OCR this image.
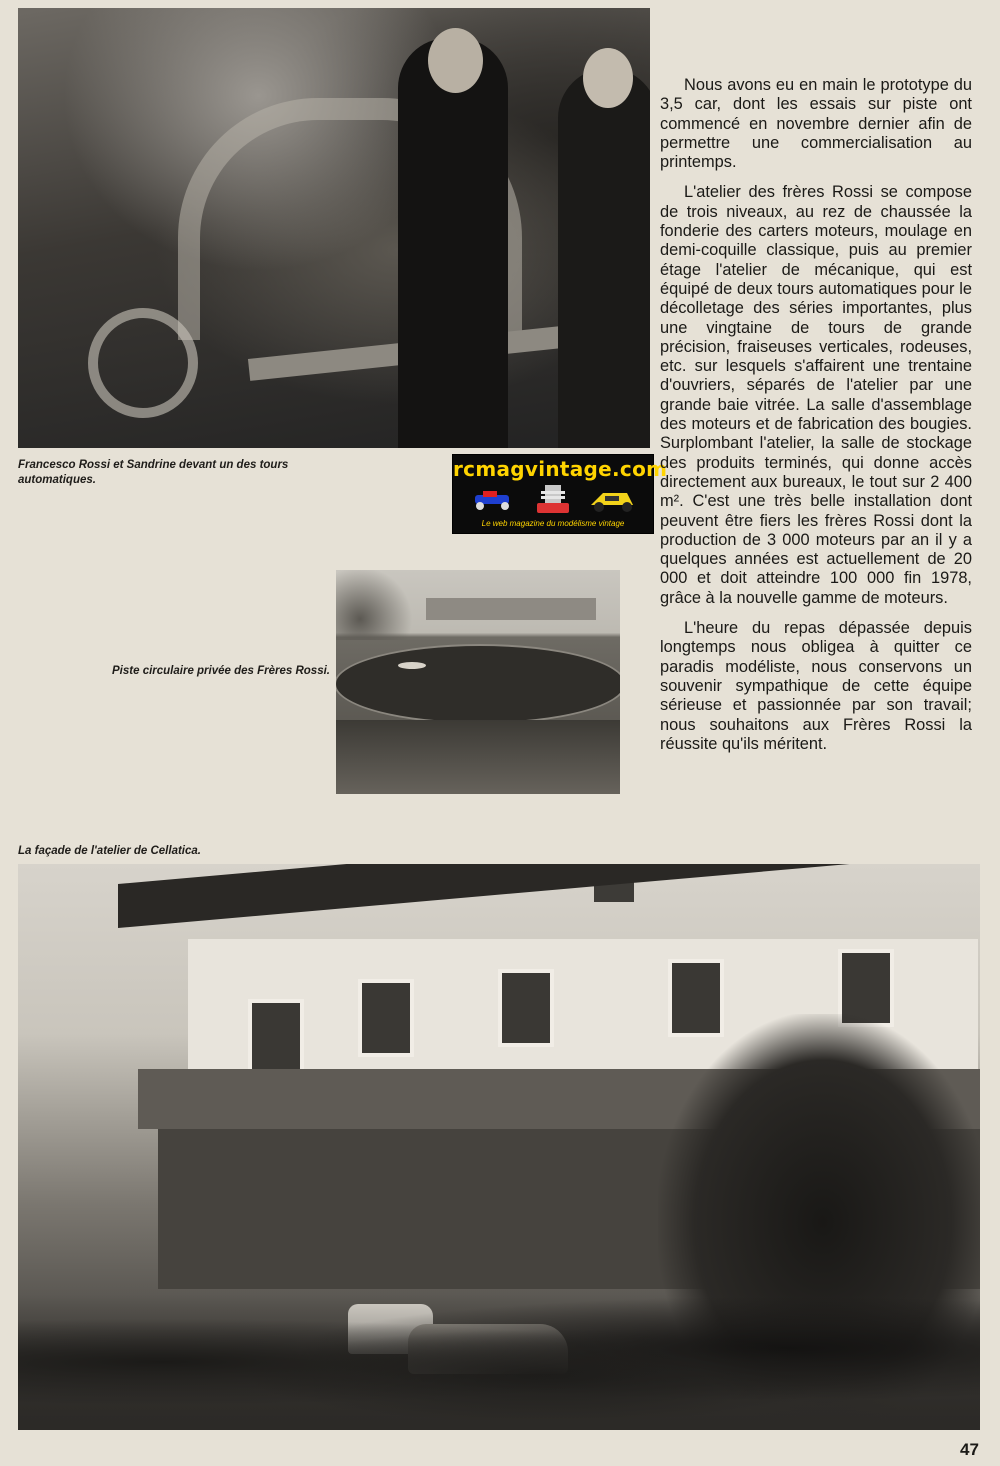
Francesco Rossi et Sandrine devant un des tours automatiques.	rcmagvintage.com
Le web magazine du modélisme vintage

Piste circulaire privée des Frères Rossi.

Nous avons eu en main le prototype du 3,5 car, dont les essais sur piste ont commencé en novembre dernier afin de permettre une commercialisation au printemps.

L'atelier des frères Rossi se compose de trois niveaux, au rez de chaussée la fonderie des carters moteurs, moulage en demi-coquille classique, puis au premier étage l'atelier de mécanique, qui est équipé de deux tours automatiques pour le décolletage des séries importantes, plus une vingtaine de tours de grande précision, fraiseuses verticales, rodeuses, etc. sur lesquels s'affairent une trentaine d'ouvriers, séparés de l'atelier par une grande baie vitrée. La salle d'assemblage des moteurs et de fabrication des bougies. Surplombant l'atelier, la salle de stockage des produits terminés, qui donne accès directement aux bureaux, le tout sur 2 400 m². C'est une très belle installation dont peuvent être fiers les frères Rossi dont la production de 3 000 moteurs par an il y a quelques années est actuellement de 20 000 et doit atteindre 100 000 fin 1978, grâce à la nouvelle gamme de moteurs.

L'heure du repas dépassée depuis longtemps nous obligea à quitter ce paradis modéliste, nous conservons un souvenir sympathique de cette équipe sérieuse et passionnée par son travail; nous souhaitons aux Frères Rossi la réussite qu'ils méritent.

La façade de l'atelier de Cellatica.

47
